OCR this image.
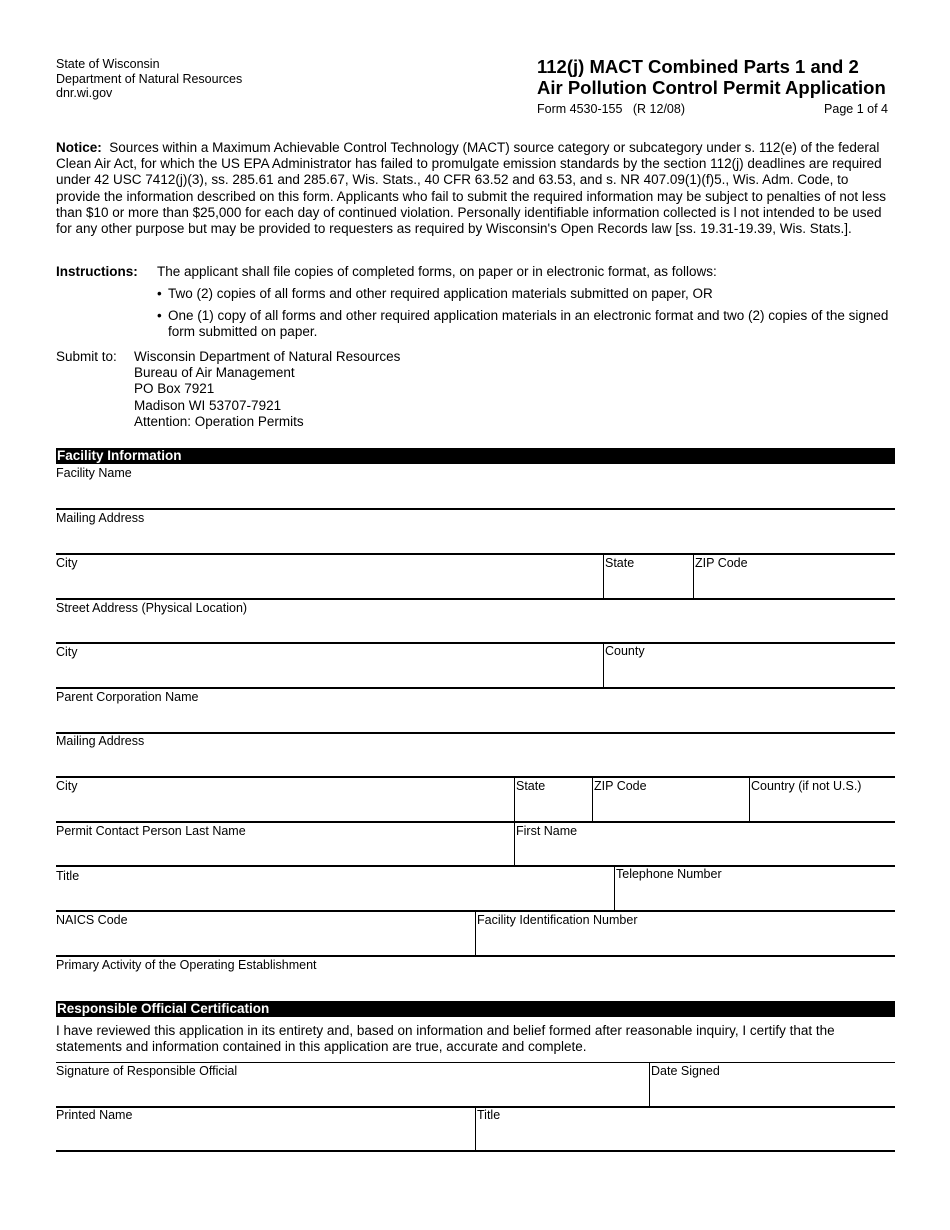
State of Wisconsin
Department of Natural Resources
dnr.wi.gov
112(j) MACT Combined Parts 1 and 2
Air Pollution Control Permit Application
Form 4530-155   (R 12/08)	Page 1 of 4
Notice: Sources within a Maximum Achievable Control Technology (MACT) source category or subcategory under s. 112(e) of the federal Clean Air Act, for which the US EPA Administrator has failed to promulgate emission standards by the section 112(j) deadlines are required under 42 USC 7412(j)(3), ss. 285.61 and 285.67, Wis. Stats., 40 CFR 63.52 and 63.53, and s. NR 407.09(1)(f)5., Wis. Adm. Code, to provide the information described on this form. Applicants who fail to submit the required information may be subject to penalties of not less than $10 or more than $25,000 for each day of continued violation. Personally identifiable information collected is l not intended to be used for any other purpose but may be provided to requesters as required by Wisconsin's Open Records law [ss. 19.31-19.39, Wis. Stats.].
Instructions: The applicant shall file copies of completed forms, on paper or in electronic format, as follows:
• Two (2) copies of all forms and other required application materials submitted on paper, OR
• One (1) copy of all forms and other required application materials in an electronic format and two (2) copies of the signed form submitted on paper.
Submit to: Wisconsin Department of Natural Resources
Bureau of Air Management
PO Box 7921
Madison WI 53707-7921
Attention: Operation Permits
Facility Information
Facility Name
Mailing Address
City	State	ZIP Code
Street Address (Physical Location)
City	County
Parent Corporation Name
Mailing Address
City	State	ZIP Code	Country (if not U.S.)
Permit Contact Person Last Name	First Name
Title	Telephone Number
NAICS Code	Facility Identification Number
Primary Activity of the Operating Establishment
Responsible Official Certification
I have reviewed this application in its entirety and, based on information and belief formed after reasonable inquiry, I certify that the statements and information contained in this application are true, accurate and complete.
Signature of Responsible Official	Date Signed
Printed Name	Title
